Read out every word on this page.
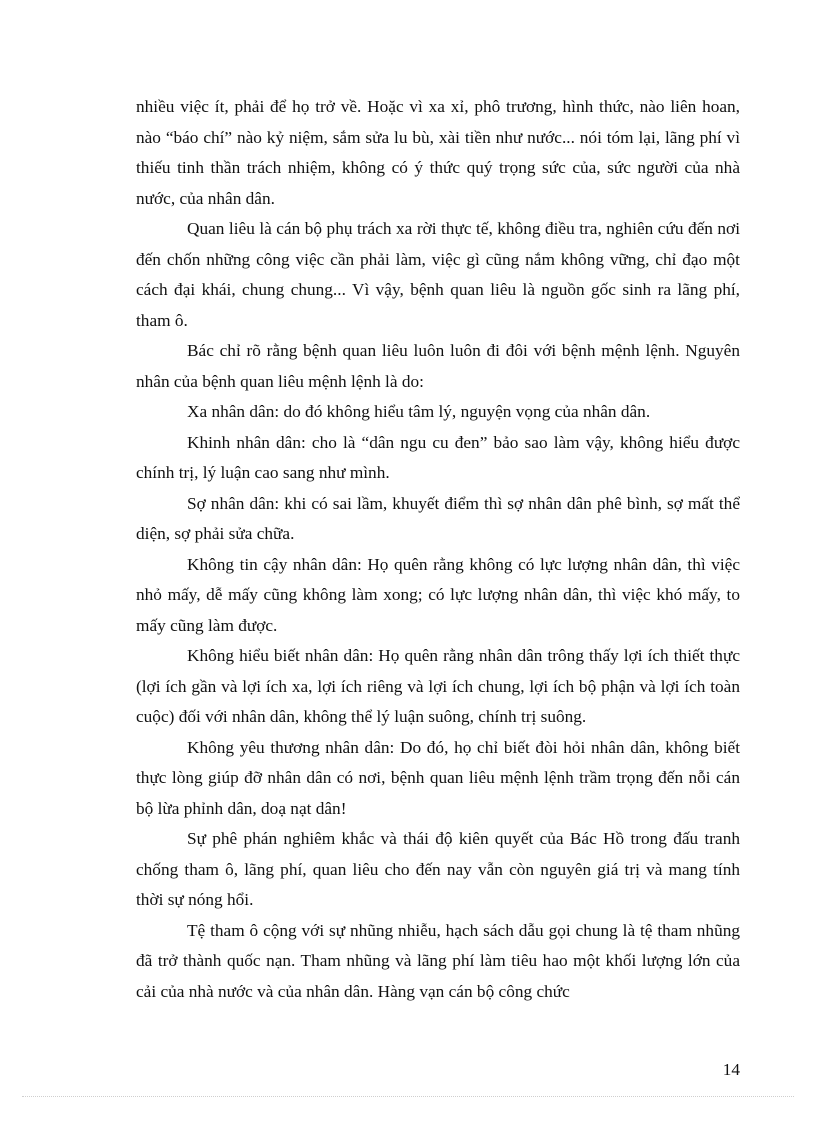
nhiều việc ít, phải để họ trở về. Hoặc vì xa xỉ, phô trương, hình thức, nào liên hoan, nào “báo chí” nào kỷ niệm, sắm sửa lu bù, xài tiền như nước... nói tóm lại, lãng phí vì thiếu tinh thần trách nhiệm, không có ý thức quý trọng sức của, sức người của nhà nước, của nhân dân.

Quan liêu là cán bộ phụ trách xa rời thực tế, không điều tra, nghiên cứu đến nơi đến chốn những công việc cần phải làm, việc gì cũng nắm không vững, chỉ đạo một cách đại khái, chung chung... Vì vậy, bệnh quan liêu là nguồn gốc sinh ra lãng phí, tham ô.

Bác chỉ rõ rằng bệnh quan liêu luôn luôn đi đôi với bệnh mệnh lệnh. Nguyên nhân của bệnh quan liêu mệnh lệnh là do:

Xa nhân dân: do đó không hiểu tâm lý, nguyện vọng của nhân dân.

Khinh nhân dân: cho là “dân ngu cu đen” bảo sao làm vậy, không hiểu được chính trị, lý luận cao sang như mình.

Sợ nhân dân: khi có sai lầm, khuyết điểm thì sợ nhân dân phê bình, sợ mất thể diện, sợ phải sửa chữa.

Không tin cậy nhân dân: Họ quên rằng không có lực lượng nhân dân, thì việc nhỏ mấy, dễ mấy cũng không làm xong; có lực lượng nhân dân, thì việc khó mấy, to mấy cũng làm được.

Không hiểu biết nhân dân: Họ quên rằng nhân dân trông thấy lợi ích thiết thực (lợi ích gần và lợi ích xa, lợi ích riêng và lợi ích chung, lợi ích bộ phận và lợi ích toàn cuộc) đối với nhân dân, không thể lý luận suông, chính trị suông.

Không yêu thương nhân dân: Do đó, họ chỉ biết đòi hỏi nhân dân, không biết thực lòng giúp đỡ nhân dân có nơi, bệnh quan liêu mệnh lệnh trầm trọng đến nỗi cán bộ lừa phỉnh dân, doạ nạt dân!

Sự phê phán nghiêm khắc và thái độ kiên quyết của Bác Hồ trong đấu tranh chống tham ô, lãng phí, quan liêu cho đến nay vẫn còn nguyên giá trị và mang tính thời sự nóng hổi.

Tệ tham ô cộng với sự nhũng nhiễu, hạch sách dẫu gọi chung là tệ tham nhũng đã trở thành quốc nạn. Tham nhũng và lãng phí làm tiêu hao một khối lượng lớn của cải của nhà nước và của nhân dân. Hàng vạn cán bộ công chức

14
